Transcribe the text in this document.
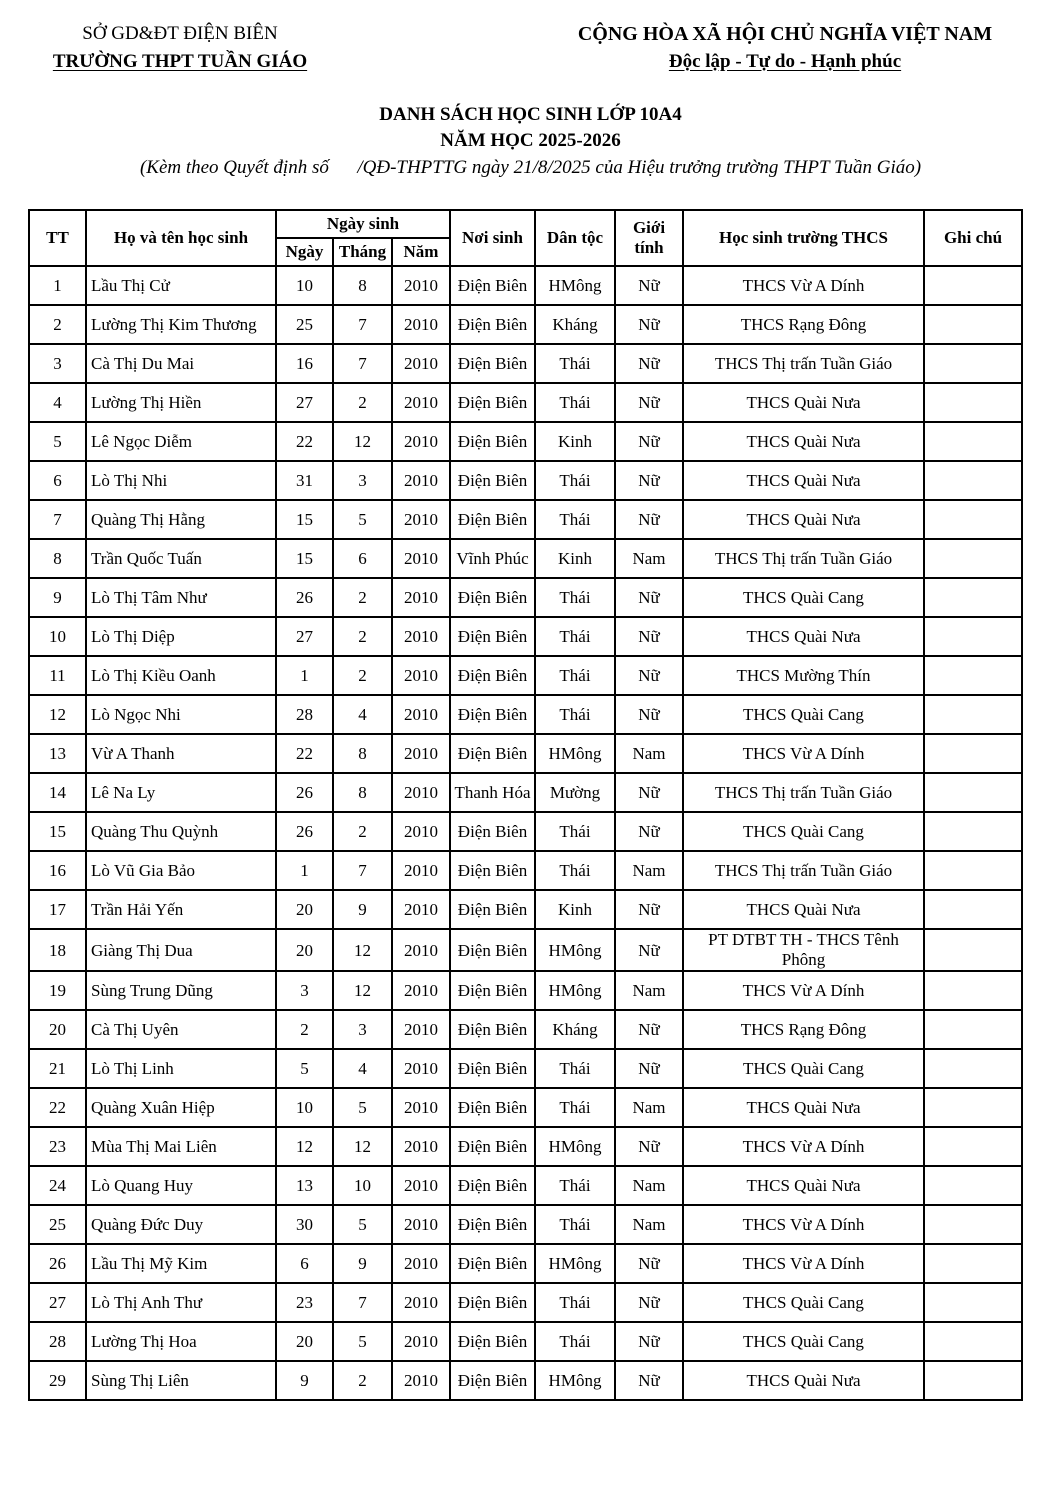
SỞ GD&ĐT ĐIỆN BIÊN
TRƯỜNG THPT TUẦN GIÁO
CỘNG HÒA XÃ HỘI CHỦ NGHĨA VIỆT NAM
Độc lập - Tự do - Hạnh phúc
DANH SÁCH HỌC SINH LỚP 10A4
NĂM HỌC 2025-2026
(Kèm theo Quyết định số      /QĐ-THPTTG ngày 21/8/2025 của Hiệu trưởng trường THPT Tuần Giáo)
TT	Họ và tên học sinh	Ngày sinh			Nơi sinh	Dân tộc	Giới tính	Học sinh trường THCS	Ghi chú
		Ngày	Tháng	Năm					
1	Lầu Thị Cử	10	8	2010	Điện Biên	HMông	Nữ	THCS Vừ A Dính	
2	Lường Thị Kim Thương	25	7	2010	Điện Biên	Kháng	Nữ	THCS Rạng Đông	
3	Cà Thị Du Mai	16	7	2010	Điện Biên	Thái	Nữ	THCS Thị trấn Tuần Giáo	
4	Lường Thị Hiền	27	2	2010	Điện Biên	Thái	Nữ	THCS Quài Nưa	
5	Lê Ngọc Diễm	22	12	2010	Điện Biên	Kinh	Nữ	THCS Quài Nưa	
6	Lò Thị Nhi	31	3	2010	Điện Biên	Thái	Nữ	THCS Quài Nưa	
7	Quàng Thị Hằng	15	5	2010	Điện Biên	Thái	Nữ	THCS Quài Nưa	
8	Trần Quốc Tuấn	15	6	2010	Vĩnh Phúc	Kinh	Nam	THCS Thị trấn Tuần Giáo	
9	Lò Thị Tâm Như	26	2	2010	Điện Biên	Thái	Nữ	THCS Quài Cang	
10	Lò Thị Diệp	27	2	2010	Điện Biên	Thái	Nữ	THCS Quài Nưa	
11	Lò Thị Kiều Oanh	1	2	2010	Điện Biên	Thái	Nữ	THCS Mường Thín	
12	Lò Ngọc Nhi	28	4	2010	Điện Biên	Thái	Nữ	THCS Quài Cang	
13	Vừ A Thanh	22	8	2010	Điện Biên	HMông	Nam	THCS Vừ A Dính	
14	Lê Na Ly	26	8	2010	Thanh Hóa	Mường	Nữ	THCS Thị trấn Tuần Giáo	
15	Quàng Thu Quỳnh	26	2	2010	Điện Biên	Thái	Nữ	THCS Quài Cang	
16	Lò Vũ Gia Bảo	1	7	2010	Điện Biên	Thái	Nam	THCS Thị trấn Tuần Giáo	
17	Trần Hải Yến	20	9	2010	Điện Biên	Kinh	Nữ	THCS Quài Nưa	
18	Giàng Thị Dua	20	12	2010	Điện Biên	HMông	Nữ	PT DTBT TH - THCS Tênh Phông	
19	Sùng Trung Dũng	3	12	2010	Điện Biên	HMông	Nam	THCS Vừ A Dính	
20	Cà Thị Uyên	2	3	2010	Điện Biên	Kháng	Nữ	THCS Rạng Đông	
21	Lò Thị Linh	5	4	2010	Điện Biên	Thái	Nữ	THCS Quài Cang	
22	Quàng Xuân Hiệp	10	5	2010	Điện Biên	Thái	Nam	THCS Quài Nưa	
23	Mùa Thị Mai Liên	12	12	2010	Điện Biên	HMông	Nữ	THCS Vừ A Dính	
24	Lò Quang Huy	13	10	2010	Điện Biên	Thái	Nam	THCS Quài Nưa	
25	Quàng Đức Duy	30	5	2010	Điện Biên	Thái	Nam	THCS Vừ A Dính	
26	Lầu Thị Mỹ Kim	6	9	2010	Điện Biên	HMông	Nữ	THCS Vừ A Dính	
27	Lò Thị Anh Thư	23	7	2010	Điện Biên	Thái	Nữ	THCS Quài Cang	
28	Lường Thị Hoa	20	5	2010	Điện Biên	Thái	Nữ	THCS Quài Cang	
29	Sùng Thị Liên	9	2	2010	Điện Biên	HMông	Nữ	THCS Quài Nưa	
